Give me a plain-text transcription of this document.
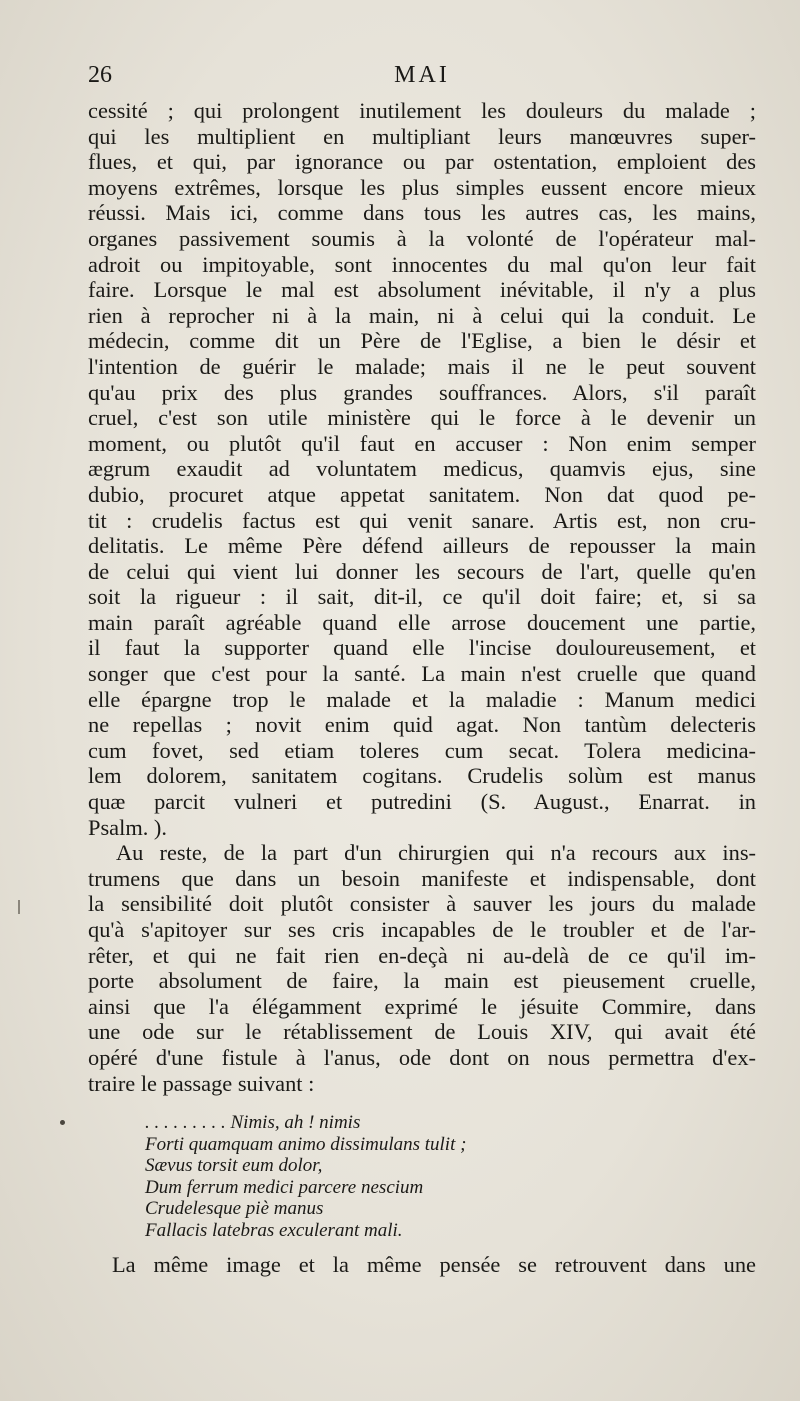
26	MAI
cessité ; qui prolongent inutilement les douleurs du malade ;
qui les multiplient en multipliant leurs manœuvres super-
flues, et qui, par ignorance ou par ostentation, emploient des
moyens extrêmes, lorsque les plus simples eussent encore mieux
réussi. Mais ici, comme dans tous les autres cas, les mains,
organes passivement soumis à la volonté de l'opérateur mal-
adroit ou impitoyable, sont innocentes du mal qu'on leur fait
faire. Lorsque le mal est absolument inévitable, il n'y a plus
rien à reprocher ni à la main, ni à celui qui la conduit. Le
médecin, comme dit un Père de l'Eglise, a bien le désir et
l'intention de guérir le malade; mais il ne le peut souvent
qu'au prix des plus grandes souffrances. Alors, s'il paraît
cruel, c'est son utile ministère qui le force à le devenir un
moment, ou plutôt qu'il faut en accuser : Non enim semper
ægrum exaudit ad voluntatem medicus, quamvis ejus, sine
dubio, procuret atque appetat sanitatem. Non dat quod pe-
tit : crudelis factus est qui venit sanare. Artis est, non cru-
delitatis. Le même Père défend ailleurs de repousser la main
de celui qui vient lui donner les secours de l'art, quelle qu'en
soit la rigueur : il sait, dit-il, ce qu'il doit faire; et, si sa
main paraît agréable quand elle arrose doucement une partie,
il faut la supporter quand elle l'incise douloureusement, et
songer que c'est pour la santé. La main n'est cruelle que quand
elle épargne trop le malade et la maladie : Manum medici
ne repellas ; novit enim quid agat. Non tantùm delecteris
cum fovet, sed etiam toleres cum secat. Tolera medicina-
lem dolorem, sanitatem cogitans. Crudelis solùm est manus
quæ parcit vulneri et putredini (S. August., Enarrat. in
Psalm. ).
Au reste, de la part d'un chirurgien qui n'a recours aux ins-
trumens que dans un besoin manifeste et indispensable, dont
la sensibilité doit plutôt consister à sauver les jours du malade
qu'à s'apitoyer sur ses cris incapables de le troubler et de l'ar-
rêter, et qui ne fait rien en-deçà ni au-delà de ce qu'il im-
porte absolument de faire, la main est pieusement cruelle,
ainsi que l'a élégamment exprimé le jésuite Commire, dans
une ode sur le rétablissement de Louis XIV, qui avait été
opéré d'une fistule à l'anus, ode dont on nous permettra d'ex-
traire le passage suivant :
. . . . . . . . . Nimis, ah ! nimis
Forti quamquam animo dissimulans tulit ;
Sævus torsit eum dolor,
Dum ferrum medici parcere nescium
Crudelesque piè manus
Fallacis latebras exculerant mali.
La même image et la même pensée se retrouvent dans une
